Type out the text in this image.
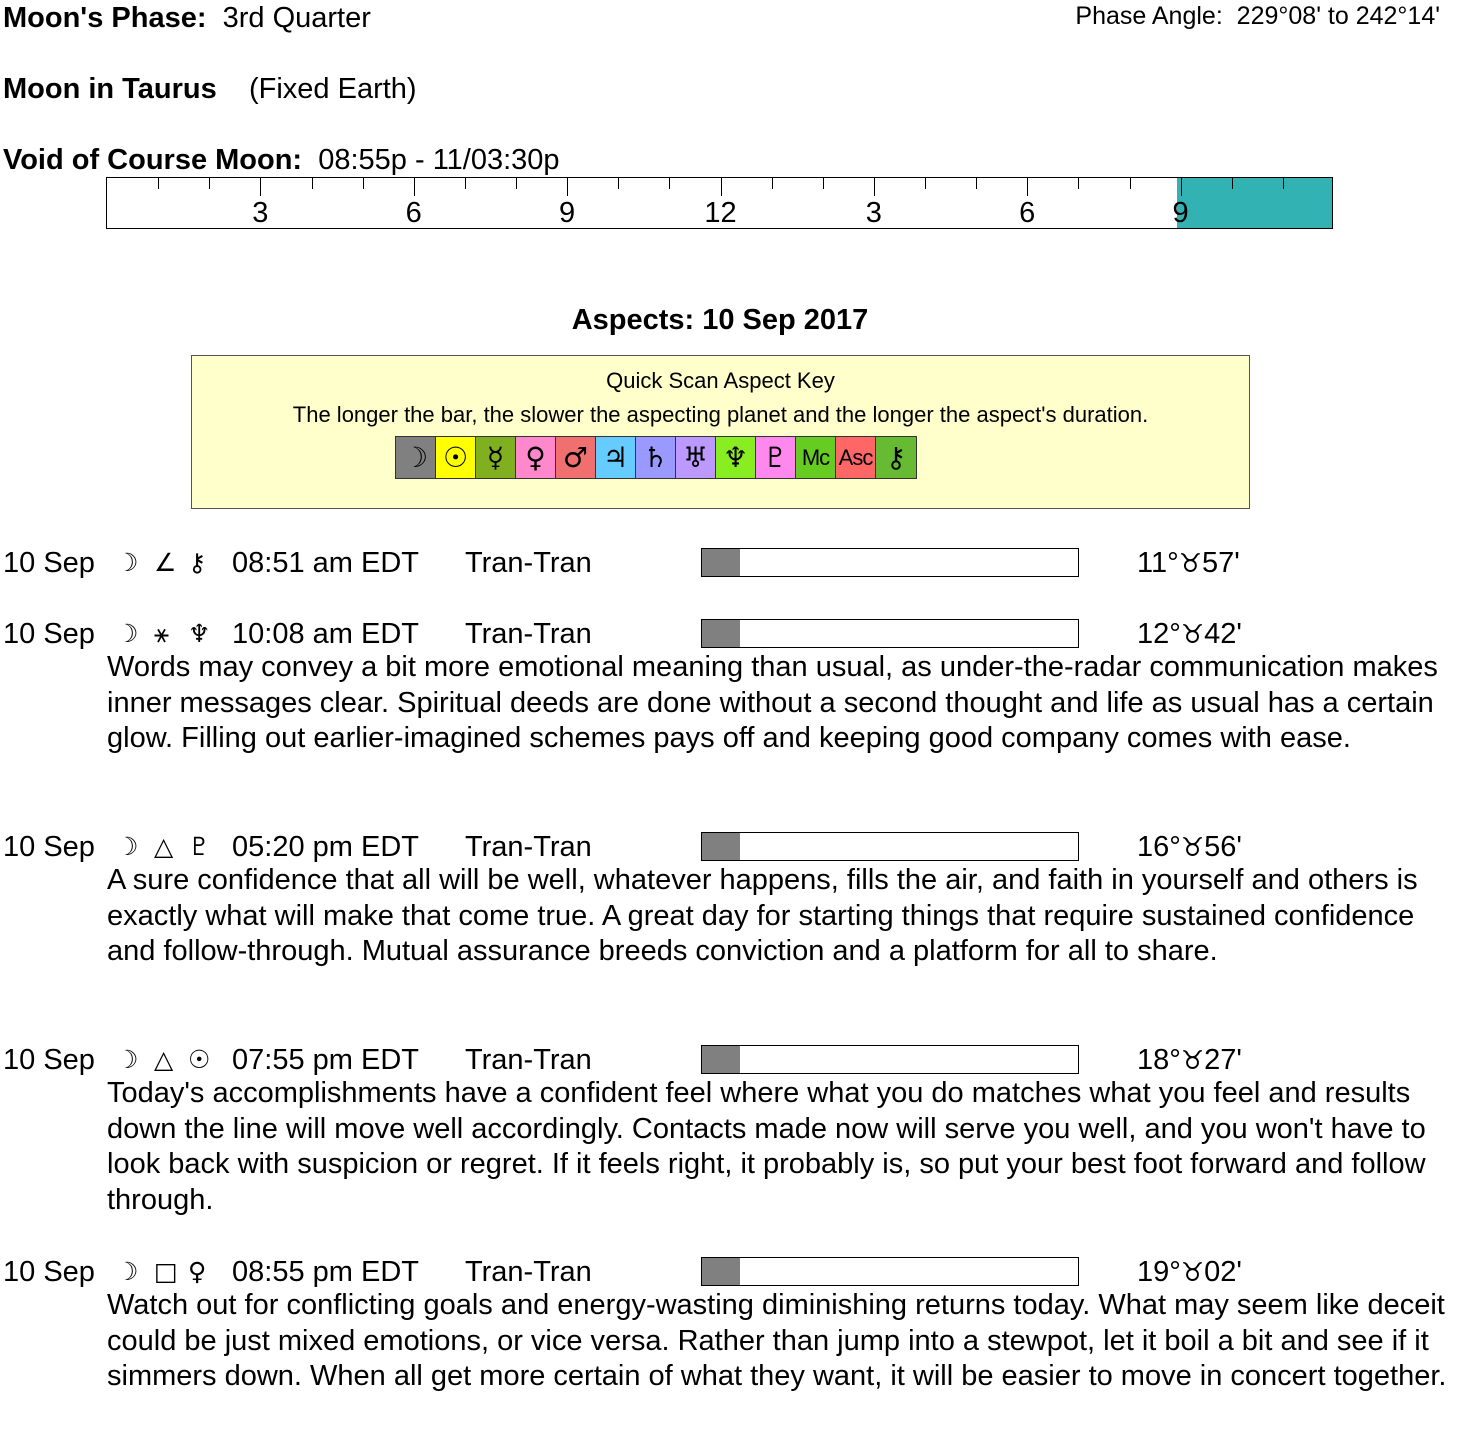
Moon's Phase: 3rd Quarter	Phase Angle: 229°08' to 242°14'
Moon in Taurus (Fixed Earth)
Void of Course Moon: 08:55p - 11/03:30p
3	6	9	12	3	6	9
Aspects: 10 Sep 2017
Quick Scan Aspect Key
The longer the bar, the slower the aspecting planet and the longer the aspect's duration.
☽ ☉ ☿ ♀ ♂ ♃ ♄ ♅ ♆ ♇ Mc Asc ⚷
10 Sep ☽ ∠ ⚷ 08:51 am EDT Tran-Tran	11°♉57'
10 Sep ☽ ⚹ ♆ 10:08 am EDT Tran-Tran	12°♉42'
Words may convey a bit more emotional meaning than usual, as under-the-radar communication makes inner messages clear. Spiritual deeds are done without a second thought and life as usual has a certain glow. Filling out earlier-imagined schemes pays off and keeping good company comes with ease.
10 Sep ☽ △ ♇ 05:20 pm EDT Tran-Tran	16°♉56'
A sure confidence that all will be well, whatever happens, fills the air, and faith in yourself and others is exactly what will make that come true. A great day for starting things that require sustained confidence and follow-through. Mutual assurance breeds conviction and a platform for all to share.
10 Sep ☽ △ ☉ 07:55 pm EDT Tran-Tran	18°♉27'
Today's accomplishments have a confident feel where what you do matches what you feel and results down the line will move well accordingly. Contacts made now will serve you well, and you won't have to look back with suspicion or regret. If it feels right, it probably is, so put your best foot forward and follow through.
10 Sep ☽ □ ♀ 08:55 pm EDT Tran-Tran	19°♉02'
Watch out for conflicting goals and energy-wasting diminishing returns today. What may seem like deceit could be just mixed emotions, or vice versa. Rather than jump into a stewpot, let it boil a bit and see if it simmers down. When all get more certain of what they want, it will be easier to move in concert together.
